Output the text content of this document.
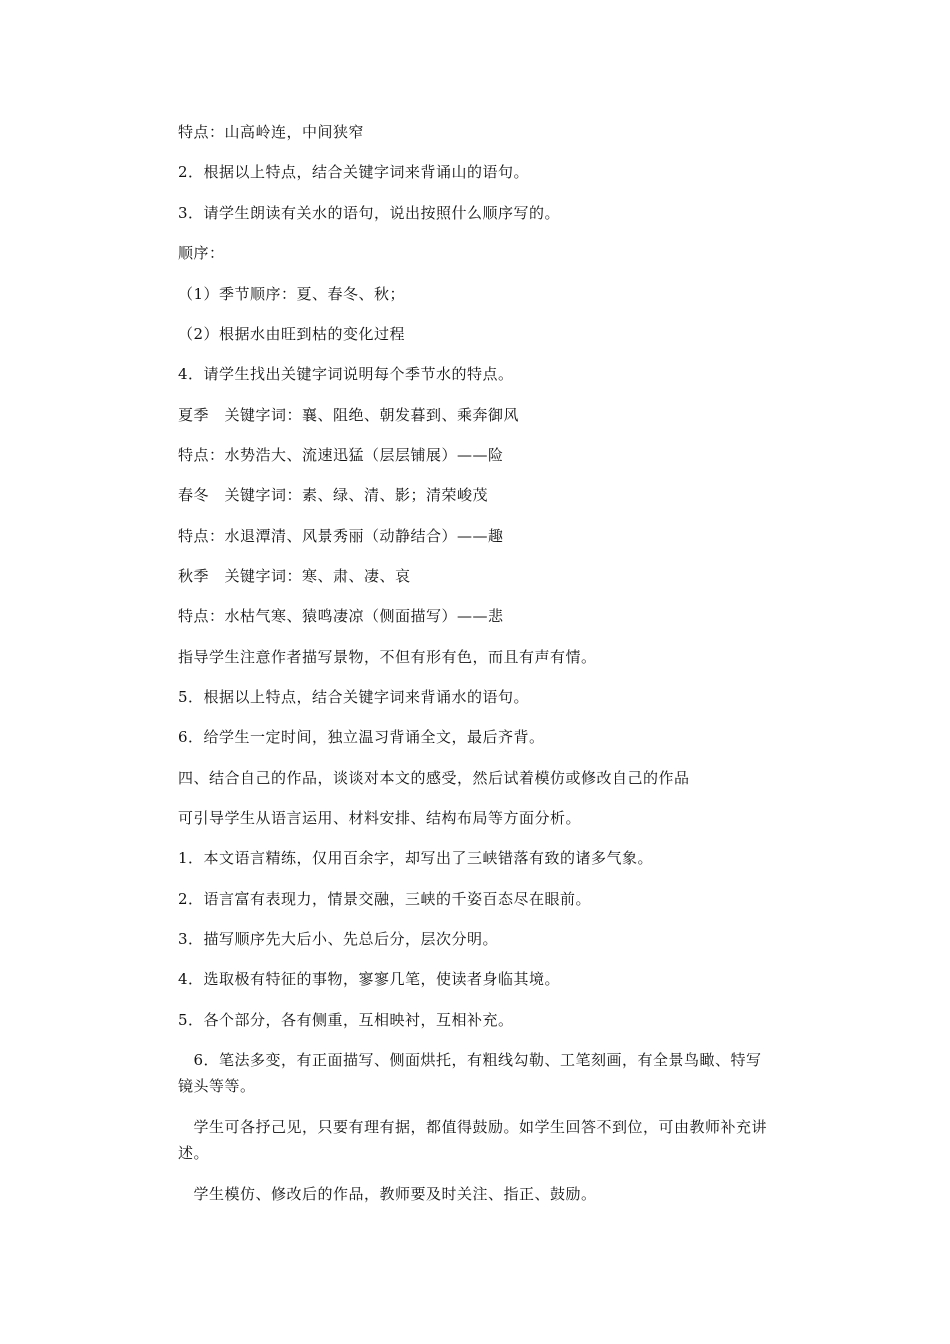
特点：山高岭连，中间狭窄
2．根据以上特点，结合关键字词来背诵山的语句。
3．请学生朗读有关水的语句，说出按照什么顺序写的。
顺序：
（1）季节顺序：夏、春冬、秋；
（2）根据水由旺到枯的变化过程
4．请学生找出关键字词说明每个季节水的特点。
夏季　关键字词：襄、阻绝、朝发暮到、乘奔御风
特点：水势浩大、流速迅猛（层层铺展）——险
春冬　关键字词：素、绿、清、影；清荣峻茂
特点：水退潭清、风景秀丽（动静结合）——趣
秋季　关键字词：寒、肃、凄、哀
特点：水枯气寒、猿鸣凄凉（侧面描写）——悲
指导学生注意作者描写景物，不但有形有色，而且有声有情。
5．根据以上特点，结合关键字词来背诵水的语句。
6．给学生一定时间，独立温习背诵全文，最后齐背。
四、结合自己的作品，谈谈对本文的感受，然后试着模仿或修改自己的作品
可引导学生从语言运用、材料安排、结构布局等方面分析。
1．本文语言精练，仅用百余字，却写出了三峡错落有致的诸多气象。
2．语言富有表现力，情景交融，三峡的千姿百态尽在眼前。
3．描写顺序先大后小、先总后分，层次分明。
4．选取极有特征的事物，寥寥几笔，使读者身临其境。
5．各个部分，各有侧重，互相映衬，互相补充。
　6．笔法多变，有正面描写、侧面烘托，有粗线勾勒、工笔刻画，有全景鸟瞰、特写
镜头等等。
　学生可各抒己见，只要有理有据，都值得鼓励。如学生回答不到位，可由教师补充讲
述。
　学生模仿、修改后的作品，教师要及时关注、指正、鼓励。
